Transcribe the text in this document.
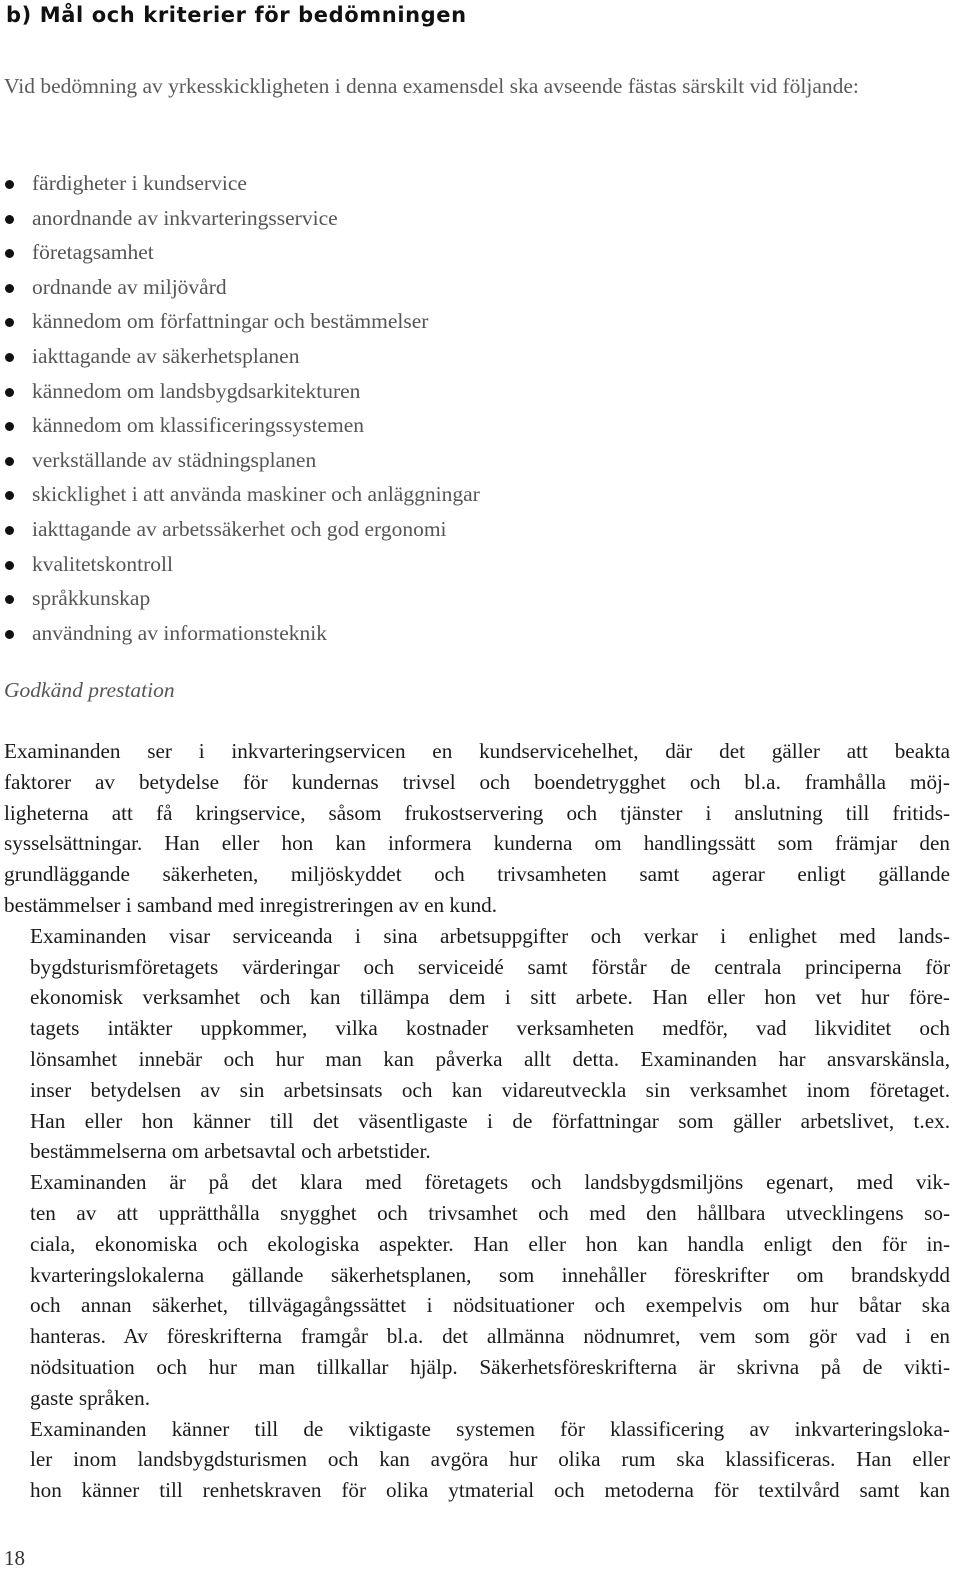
b) Mål och kriterier för bedömningen

Vid bedömning av yrkesskickligheten i denna examensdel ska avseende fästas särskilt vid följande:

färdigheter i kundservice
anordnande av inkvarteringsservice
företagsamhet
ordnande av miljövård
kännedom om författningar och bestämmelser
iakttagande av säkerhetsplanen
kännedom om landsbygdsarkitekturen
kännedom om klassificeringssystemen
verkställande av städningsplanen
skicklighet i att använda maskiner och anläggningar
iakttagande av arbetssäkerhet och god ergonomi
kvalitetskontroll
språkkunskap
användning av informationsteknik

Godkänd prestation

Examinanden ser i inkvarteringservicen en kundservicehelhet, där det gäller att beakta
faktorer av betydelse för kundernas trivsel och boendetrygghet och bl.a. framhålla möj-
ligheterna att få kringservice, såsom frukostservering och tjänster i anslutning till fritids-
sysselsättningar. Han eller hon kan informera kunderna om handlingssätt som främjar den
grundläggande säkerheten, miljöskyddet och trivsamheten samt agerar enligt gällande
bestämmelser i samband med inregistreringen av en kund.

Examinanden visar serviceanda i sina arbetsuppgifter och verkar i enlighet med lands-
bygdsturismföretagets värderingar och serviceidé samt förstår de centrala principerna för
ekonomisk verksamhet och kan tillämpa dem i sitt arbete. Han eller hon vet hur före-
tagets intäkter uppkommer, vilka kostnader verksamheten medför, vad likviditet och
lönsamhet innebär och hur man kan påverka allt detta. Examinanden har ansvarskänsla,
inser betydelsen av sin arbetsinsats och kan vidareutveckla sin verksamhet inom företaget.
Han eller hon känner till det väsentligaste i de författningar som gäller arbetslivet, t.ex.
bestämmelserna om arbetsavtal och arbetstider.

Examinanden är på det klara med företagets och landsbygdsmiljöns egenart, med vik-
ten av att upprätthålla snygghet och trivsamhet och med den hållbara utvecklingens so-
ciala, ekonomiska och ekologiska aspekter. Han eller hon kan handla enligt den för in-
kvarteringslokalerna gällande säkerhetsplanen, som innehåller föreskrifter om brandskydd
och annan säkerhet, tillvägagångssättet i nödsituationer och exempelvis om hur båtar ska
hanteras. Av föreskrifterna framgår bl.a. det allmänna nödnumret, vem som gör vad i en
nödsituation och hur man tillkallar hjälp. Säkerhetsföreskrifterna är skrivna på de vikti-
gaste språken.

Examinanden känner till de viktigaste systemen för klassificering av inkvarteringsloka-
ler inom landsbygdsturismen och kan avgöra hur olika rum ska klassificeras. Han eller
hon känner till renhetskraven för olika ytmaterial och metoderna för textilvård samt kan

18
